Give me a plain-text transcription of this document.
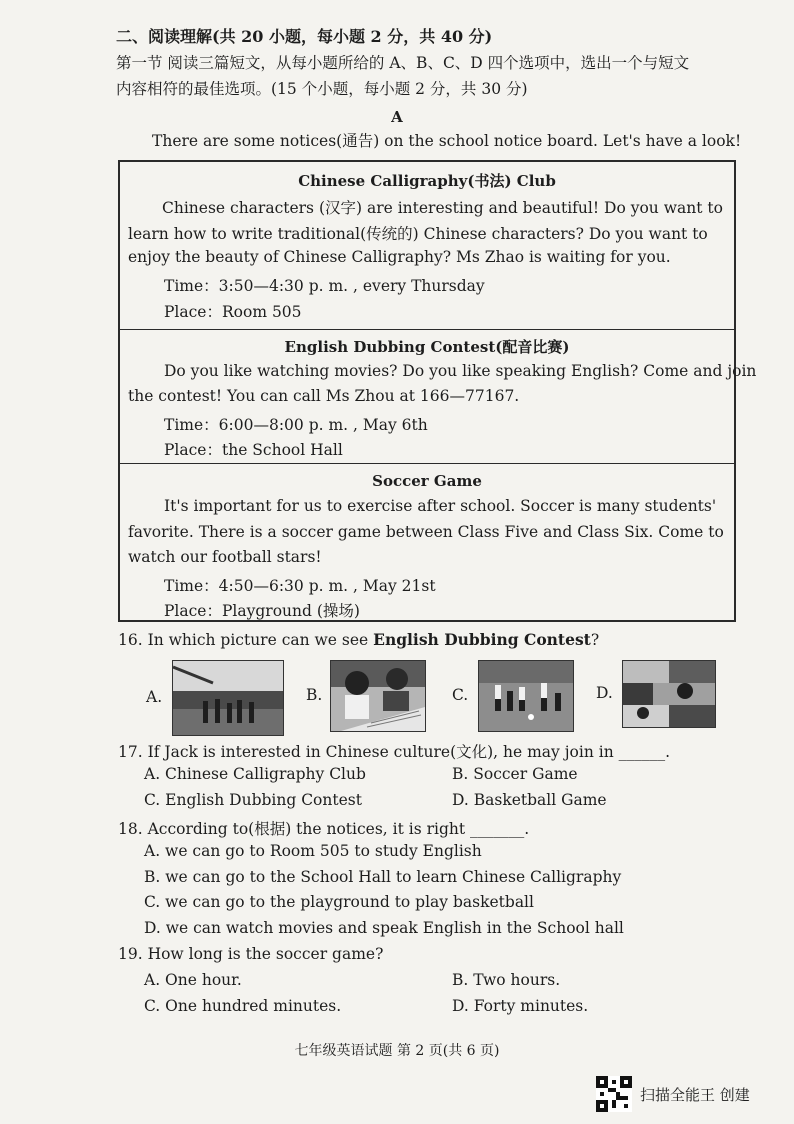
二、阅读理解(共 20 小题，每小题 2 分，共 40 分)
第一节 阅读三篇短文，从每小题所给的 A、B、C、D 四个选项中，选出一个与短文
内容相符的最佳选项。(15 个小题，每小题 2 分，共 30 分)
A
There are some notices(通告) on the school notice board. Let's have a look!
Chinese Calligraphy(书法) Club
Chinese characters (汉字) are interesting and beautiful! Do you want to
learn how to write traditional(传统的) Chinese characters? Do you want to
enjoy the beauty of Chinese Calligraphy? Ms Zhao is waiting for you.
Time：3:50—4:30 p. m. , every Thursday
Place：Room 505
English Dubbing Contest(配音比赛)
Do you like watching movies? Do you like speaking English? Come and join
the contest! You can call Ms Zhou at 166—77167.
Time：6:00—8:00 p. m. , May 6th
Place：the School Hall
Soccer Game
It's important for us to exercise after school. Soccer is many students'
favorite. There is a soccer game between Class Five and Class Six. Come to
watch our football stars!
Time：4:50—6:30 p. m. , May 21st
Place：Playground (操场)
16. In which picture can we see English Dubbing Contest?
A.	B.	C.	D.
17. If Jack is interested in Chinese culture(文化), he may join in ______.
A. Chinese Calligraphy Club	B. Soccer Game
C. English Dubbing Contest	D. Basketball Game
18. According to(根据) the notices, it is right _______.
A. we can go to Room 505 to study English
B. we can go to the School Hall to learn Chinese Calligraphy
C. we can go to the playground to play basketball
D. we can watch movies and speak English in the School hall
19. How long is the soccer game?
A. One hour.	B. Two hours.
C. One hundred minutes.	D. Forty minutes.
七年级英语试题 第 2 页(共 6 页)
扫描全能王 创建
